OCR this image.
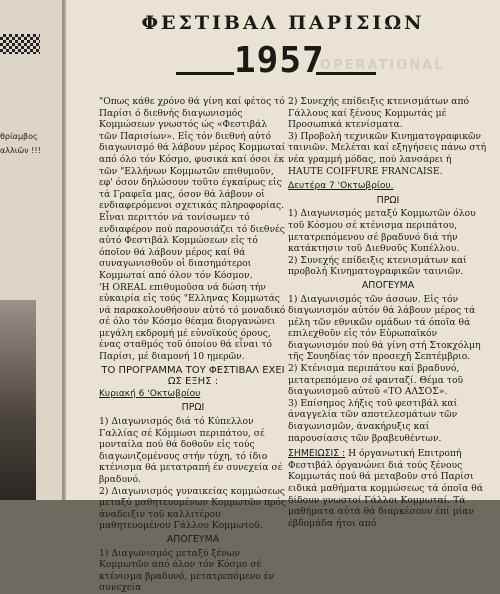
θρίαμβος
αλλιῶν !!!
ΦΕΣΤΙΒΑΛ ΠΑΡΙΣΙΩΝ
OPERATIONAL
1957

"Οπως κάθε χρόνο θά γίνη καί φέτος τό Παρίσι ό διεθνής διαγωνισμός Κομμώσεων γνωστός ώς «Φεστιβάλ τῶν Παρισίων». Εἰς τόν διεθνή αὐτό διαγωνισμό θά λάβουν μέρος Κομμωταί από όλο τόν Κόσμο, φυσικά καί όσοι έκ τῶν "Ελλήνων Κομμωτῶν επιθυμοῦν, εφ' όσον δηλώσουν τοῦτο έγκαίρως εἰς τά Γραφεῖα μας, όσον θά λάβουν οἱ ενδιαφερόμενοι σχετικάς πληροφορίας.

Εἶναι περιττόν νά τονίσωμεν τό ενδιαφέρον πού παρουσιάζει τό διεθνές αὐτό Φεστιβάλ Κομμώσεων εἰς τό όποῖον θά λάβουν μέρος καί θά συναγωνισθοῦν οἱ διασημότεροι Κομμωταί από όλον τόν Κόσμον.

'Η OREAL επιθυμοῦσα νά δώση τήν εὐκαιρία εἰς τούς "Ελληνας Κομμωτάς νά παρακολουθήσουν αὐτό τό μοναδικό σέ όλο τόν Κόσμο θέαμα διοργανώνει μεγάλη εκδρομή μέ εὐνοϊκούς όρους, ένας σταθμός τοῦ όποίου θά εἶναι τό Παρίσι, μέ διαμονή 10 ημερῶν.

ΤΟ ΠΡΟΓΡΑΜΜΑ ΤΟΥ ΦΕΣΤΙΒΑΛ ΕΧΕΙ ΩΣ ΕΞΗΣ :
Κυριακή 6 'Οκτωβρίου
ΠΡΩΙ

1) Διαγωνισμός διά τό Κύπελλον Γαλλίας σέ Κόμμωσι περιπάτου, σέ μονταίλα πού θά δοθοῦν εἰς τούς διαγωνιζομένους στήν τύχη, τό ίδιο κτένισμα θά μετατραπή έν συνεχεία σέ βραδυνό.

2) Διαγωνισμός γυναικείας κομμώσεως μεταξύ μαθητευομένων Κομμωτῶν πρός άναδειξιν τοῦ καλλιτέρου μαθητευομένου Γάλλου Κομμωτοῦ.

ΑΠΟΓΕΥΜΑ

1) Διαγωνισμός μεταξύ ξένων Κομμωτῶν από όλον τόν Κόσμο σέ κτένισμα βραδυνό, μετατρεπόμενο έν συνεχεία

2) Συνεχής επίδειξις κτενισμάτων από Γάλλους καί ξένους Κομμωτάς μέ Προσωπικά κτενίσματα.

3) Προβολή τεχνικῶν Κινηματογραφικῶν ταινιῶν. Μελέται καί εξηγήσεις πάνω στή νέα γραμμή μόδας, πού λανσάρει ή HAUTE COIFFURE FRANCAISE.

Δευτέρα 7 'Οκτωβρίου.
ΠΡΩΙ

1) Διαγωνισμός μεταξύ Κομμωτῶν όλου τοῦ Κόσμου σέ κτένισμα περιπάτου, μετατρεπόμενου σέ βραδυνό διά τήν κατάκτησιν τοῦ Διεθνοῦς Κυπέλλου.

2) Συνεχής επίδειξις κτενισμάτων καί προβολή Κινηματογραφικῶν ταινιῶν.

ΑΠΟΓΕΥΜΑ

1) Διαγωνισμός τῶν άσσων. Εἰς τόν διαγωνισμόν αὐτόν θά λάβουν μέρος τά μέλη τῶν εθνικῶν ομάδων τά όποῖα θά επιλεχθοῦν εἰς τόν Εὐρωπαϊκόν διαγωνισμόν πού θά γίνη στή Στοκχόλμη τῆς Σουηδίας τόν προσεχῆ Σεπτέμβριο.

2) Κτένισμα περιπάτου καί βραδυνό, μετατρεπόμενο σέ φανταζί. Θέμα τοῦ διαγωνισμοῦ αὐτοῦ «ΤΟ ΑΛΣΟΣ».

3) Επίσημος λήξις τοῦ φεστιβάλ καί άναγγελία τῶν αποτελεσμάτων τῶν διαγωνισμῶν, άνακήρυξις καί παρουσίασις τῶν βραβευθέντων.

ΣΗΜΕΙΩΣΙΣ : Η όργανωτική Επιτροπή Φεστιβάλ όργανώνει διά τούς ξένους Κομμωτάς πού θά μεταβοῦν στό Παρίσι ειδικά μαθήματα κομμώσεως τά όποῖα θά δίδουν γνωστοί Γάλλοι Κομμωταί. Τά μαθήματα αὐτά θά διαρκέσουν έπί μίαν έβδομάδα ήτοι από
